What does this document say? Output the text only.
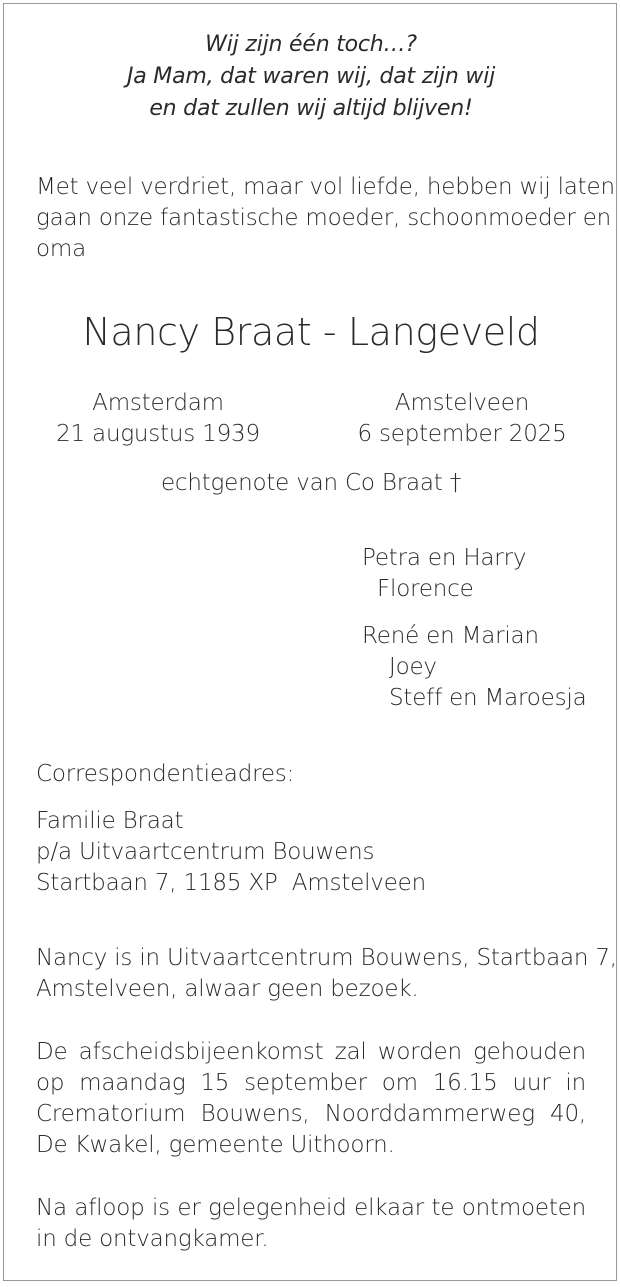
Wij zijn één toch…?

Ja Mam, dat waren wij, dat zijn wij

en dat zullen wij altijd blijven!

Met veel verdriet, maar vol liefde, hebben wij laten

gaan onze fantastische moeder, schoonmoeder en

oma

Nancy Braat - Langeveld

Amsterdam

21 augustus 1939

Amstelveen

6 september 2025

echtgenote van Co Braat †

Petra en Harry

Florence

René en Marian

Joey

Steff en Maroesja

Correspondentieadres:

Familie Braat

p/a Uitvaartcentrum Bouwens

Startbaan 7, 1185 XP  Amstelveen

Nancy is in Uitvaartcentrum Bouwens, Startbaan 7,

Amstelveen, alwaar geen bezoek.

De afscheidsbijeenkomst zal worden gehouden

op maandag 15 september om 16.15 uur in

Crematorium Bouwens, Noorddammerweg 40,

De Kwakel, gemeente Uithoorn.

Na afloop is er gelegenheid elkaar te ontmoeten

in de ontvangkamer.
